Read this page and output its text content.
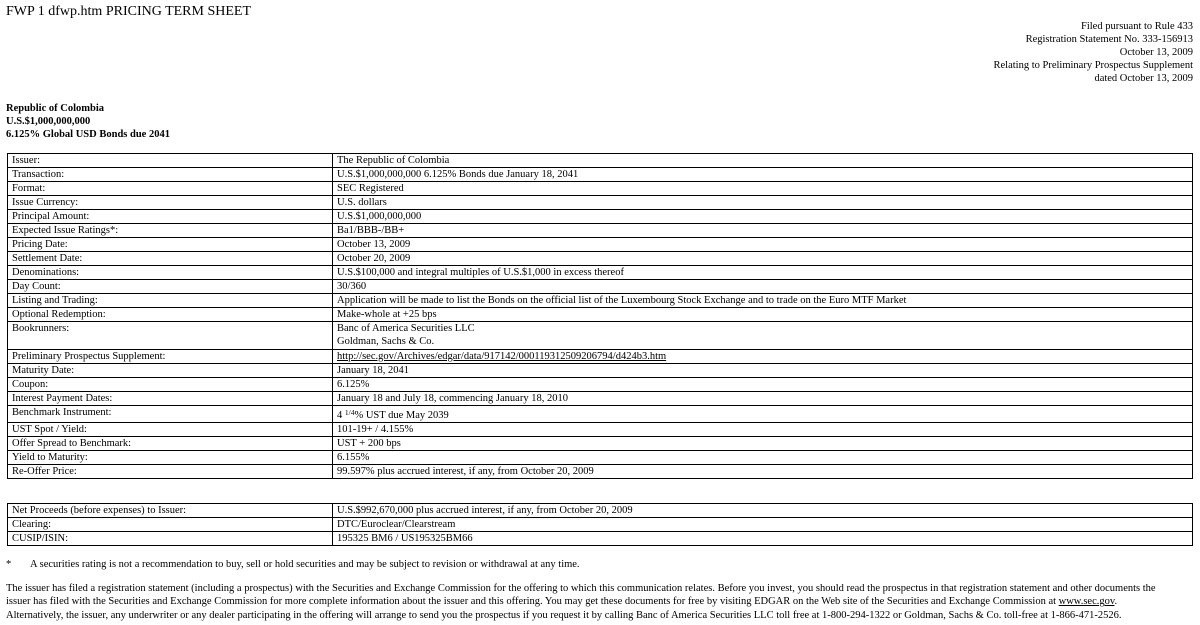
FWP 1 dfwp.htm PRICING TERM SHEET
Filed pursuant to Rule 433
Registration Statement No. 333-156913
October 13, 2009
Relating to Preliminary Prospectus Supplement
dated October 13, 2009
Republic of Colombia
U.S.$1,000,000,000
6.125% Global USD Bonds due 2041
Issuer:	The Republic of Colombia
Transaction:	U.S.$1,000,000,000 6.125% Bonds due January 18, 2041
Format:	SEC Registered
Issue Currency:	U.S. dollars
Principal Amount:	U.S.$1,000,000,000
Expected Issue Ratings*:	Ba1/BBB-/BB+
Pricing Date:	October 13, 2009
Settlement Date:	October 20, 2009
Denominations:	U.S.$100,000 and integral multiples of U.S.$1,000 in excess thereof
Day Count:	30/360
Listing and Trading:	Application will be made to list the Bonds on the official list of the Luxembourg Stock Exchange and to trade on the Euro MTF Market
Optional Redemption:	Make-whole at +25 bps
Bookrunners:	Banc of America Securities LLC
Goldman, Sachs & Co.

Preliminary Prospectus Supplement:	http://sec.gov/Archives/edgar/data/917142/000119312509206794/d424b3.htm
Maturity Date:	January 18, 2041
Coupon:	6.125%
Interest Payment Dates:	January 18 and July 18, commencing January 18, 2010
Benchmark Instrument:	4 $^{1/4}$% UST due May 2039
UST Spot / Yield:	101-19+ / 4.155%
Offer Spread to Benchmark:	UST + 200 bps
Yield to Maturity:	6.155%
Re-Offer Price:	99.597% plus accrued interest, if any, from October 20, 2009
Net Proceeds (before expenses) to Issuer:	U.S.$992,670,000 plus accrued interest, if any, from October 20, 2009
Clearing:	DTC/Euroclear/Clearstream
CUSIP/ISIN:	195325 BM6 / US195325BM66
* A securities rating is not a recommendation to buy, sell or hold securities and may be subject to revision or withdrawal at any time.
The issuer has filed a registration statement (including a prospectus) with the Securities and Exchange Commission for the offering to which this communication relates. Before you invest, you should read the prospectus in that registration statement and other documents the
issuer has filed with the Securities and Exchange Commission for more complete information about the issuer and this offering. You may get these documents for free by visiting EDGAR on the Web site of the Securities and Exchange Commission at www.sec.gov.
Alternatively, the issuer, any underwriter or any dealer participating in the offering will arrange to send you the prospectus if you request it by calling Banc of America Securities LLC toll free at 1-800-294-1322 or Goldman, Sachs & Co. toll-free at 1-866-471-2526.
